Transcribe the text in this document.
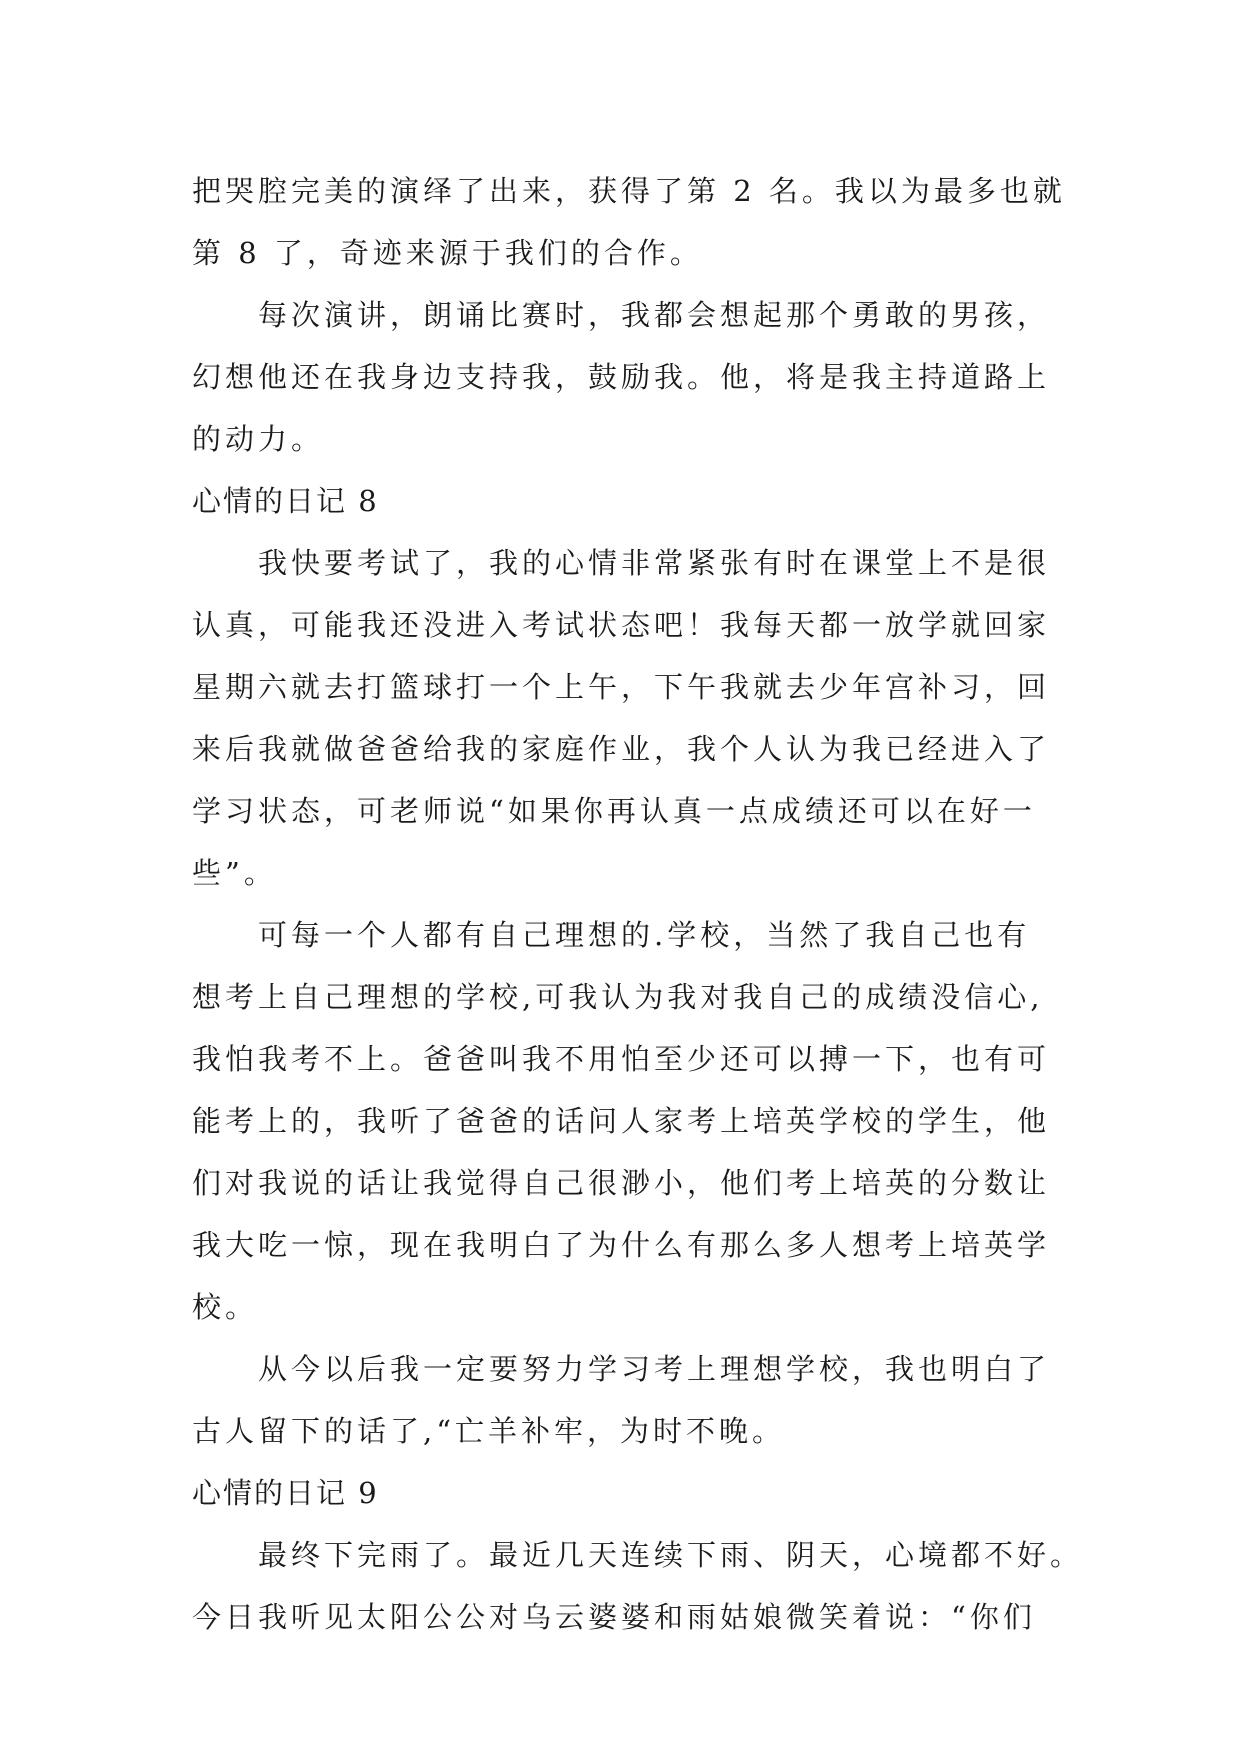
把哭腔完美的演绎了出来，获得了第 2 名。我以为最多也就
第 8 了，奇迹来源于我们的合作。
每次演讲，朗诵比赛时，我都会想起那个勇敢的男孩，
幻想他还在我身边支持我，鼓励我。他，将是我主持道路上
的动力。
心情的日记 8
我快要考试了，我的心情非常紧张有时在课堂上不是很
认真，可能我还没进入考试状态吧！我每天都一放学就回家
星期六就去打篮球打一个上午，下午我就去少年宫补习，回
来后我就做爸爸给我的家庭作业，我个人认为我已经进入了
学习状态，可老师说“如果你再认真一点成绩还可以在好一
些”。
可每一个人都有自己理想的.学校，当然了我自己也有
想考上自己理想的学校,可我认为我对我自己的成绩没信心,
我怕我考不上。爸爸叫我不用怕至少还可以搏一下，也有可
能考上的，我听了爸爸的话问人家考上培英学校的学生，他
们对我说的话让我觉得自己很渺小，他们考上培英的分数让
我大吃一惊，现在我明白了为什么有那么多人想考上培英学
校。
从今以后我一定要努力学习考上理想学校，我也明白了
古人留下的话了,“亡羊补牢，为时不晚。
心情的日记 9
最终下完雨了。最近几天连续下雨、阴天，心境都不好。
今日我听见太阳公公对乌云婆婆和雨姑娘微笑着说：“你们
